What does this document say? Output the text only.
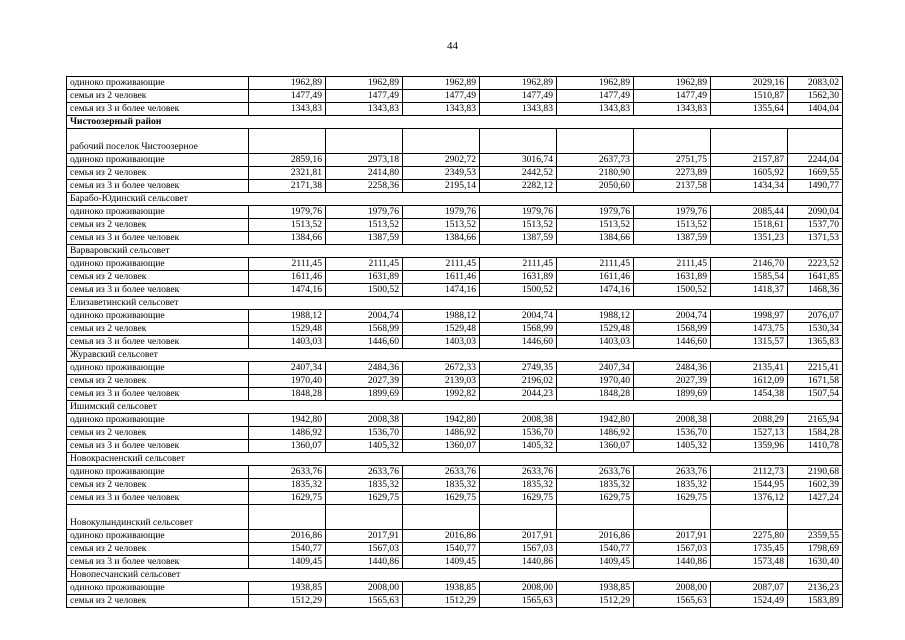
44
одиноко проживающие	1962,89	1962,89	1962,89	1962,89	1962,89	1962,89	2029,16	2083,02
семья из 2 человек	1477,49	1477,49	1477,49	1477,49	1477,49	1477,49	1510,87	1562,30
семья из 3 и более человек	1343,83	1343,83	1343,83	1343,83	1343,83	1343,83	1355,64	1404,04
Чистоозерный район								
рабочий поселок Чистоозерное								
одиноко проживающие	2859,16	2973,18	2902,72	3016,74	2637,73	2751,75	2157,87	2244,04
семья из 2 человек	2321,81	2414,80	2349,53	2442,52	2180,90	2273,89	1605,92	1669,55
семья из 3 и более человек	2171,38	2258,36	2195,14	2282,12	2050,60	2137,58	1434,34	1490,77
Барабо-Юдинский сельсовет								
одиноко проживающие	1979,76	1979,76	1979,76	1979,76	1979,76	1979,76	2085,44	2090,04
семья из 2 человек	1513,52	1513,52	1513,52	1513,52	1513,52	1513,52	1518,61	1537,70
семья из 3 и более человек	1384,66	1387,59	1384,66	1387,59	1384,66	1387,59	1351,23	1371,53
Варваровский сельсовет								
одиноко проживающие	2111,45	2111,45	2111,45	2111,45	2111,45	2111,45	2146,70	2223,52
семья из 2 человек	1611,46	1631,89	1611,46	1631,89	1611,46	1631,89	1585,54	1641,85
семья из 3 и более человек	1474,16	1500,52	1474,16	1500,52	1474,16	1500,52	1418,37	1468,36
Елизаветинский сельсовет								
одиноко проживающие	1988,12	2004,74	1988,12	2004,74	1988,12	2004,74	1998,97	2076,07
семья из 2 человек	1529,48	1568,99	1529,48	1568,99	1529,48	1568,99	1473,75	1530,34
семья из 3 и более человек	1403,03	1446,60	1403,03	1446,60	1403,03	1446,60	1315,57	1365,83
Журавский сельсовет								
одиноко проживающие	2407,34	2484,36	2672,33	2749,35	2407,34	2484,36	2135,41	2215,41
семья из 2 человек	1970,40	2027,39	2139,03	2196,02	1970,40	2027,39	1612,09	1671,58
семья из 3 и более человек	1848,28	1899,69	1992,82	2044,23	1848,28	1899,69	1454,38	1507,54
Ишимский сельсовет								
одиноко проживающие	1942,80	2008,38	1942,80	2008,38	1942,80	2008,38	2088,29	2165,94
семья из 2 человек	1486,92	1536,70	1486,92	1536,70	1486,92	1536,70	1527,13	1584,28
семья из 3 и более человек	1360,07	1405,32	1360,07	1405,32	1360,07	1405,32	1359,96	1410,78
Новокрасненский сельсовет								
одиноко проживающие	2633,76	2633,76	2633,76	2633,76	2633,76	2633,76	2112,73	2190,68
семья из 2 человек	1835,32	1835,32	1835,32	1835,32	1835,32	1835,32	1544,95	1602,39
семья из 3 и более человек	1629,75	1629,75	1629,75	1629,75	1629,75	1629,75	1376,12	1427,24
Новокулындинский сельсовет								
одиноко проживающие	2016,86	2017,91	2016,86	2017,91	2016,86	2017,91	2275,80	2359,55
семья из 2 человек	1540,77	1567,03	1540,77	1567,03	1540,77	1567,03	1735,45	1798,69
семья из 3 и более человек	1409,45	1440,86	1409,45	1440,86	1409,45	1440,86	1573,48	1630,40
Новопесчанский сельсовет								
одиноко проживающие	1938,85	2008,00	1938,85	2008,00	1938,85	2008,00	2087,07	2136,23
семья из 2 человек	1512,29	1565,63	1512,29	1565,63	1512,29	1565,63	1524,49	1583,89
